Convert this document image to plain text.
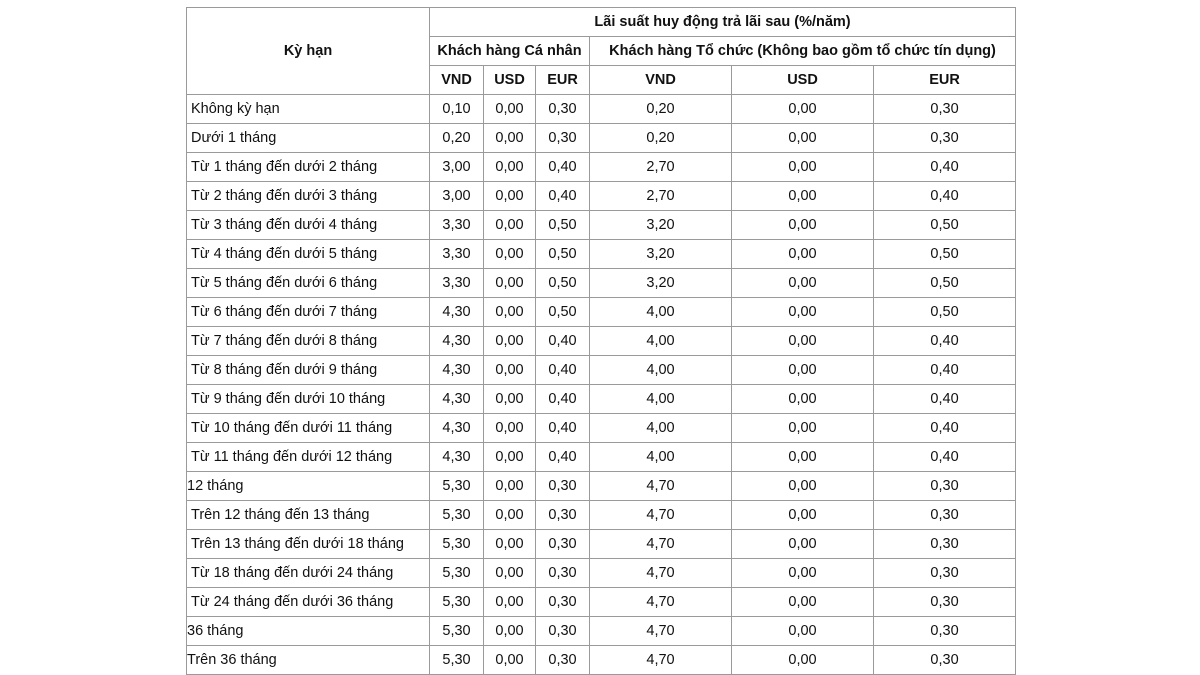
Kỳ hạn	Lãi suất huy động trả lãi sau (%/năm)					
	Khách hàng Cá nhân			Khách hàng Tổ chức (Không bao gồm tổ chức tín dụng)		
	VND	USD	EUR	VND	USD	EUR
Không kỳ hạn	0,10	0,00	0,30	0,20	0,00	0,30
Dưới 1 tháng	0,20	0,00	0,30	0,20	0,00	0,30
Từ 1 tháng đến dưới 2 tháng	3,00	0,00	0,40	2,70	0,00	0,40
Từ 2 tháng đến dưới 3 tháng	3,00	0,00	0,40	2,70	0,00	0,40
Từ 3 tháng đến dưới 4 tháng	3,30	0,00	0,50	3,20	0,00	0,50
Từ 4 tháng đến dưới 5 tháng	3,30	0,00	0,50	3,20	0,00	0,50
Từ 5 tháng đến dưới 6 tháng	3,30	0,00	0,50	3,20	0,00	0,50
Từ 6 tháng đến dưới 7 tháng	4,30	0,00	0,50	4,00	0,00	0,50
Từ 7 tháng đến dưới 8 tháng	4,30	0,00	0,40	4,00	0,00	0,40
Từ 8 tháng đến dưới 9 tháng	4,30	0,00	0,40	4,00	0,00	0,40
Từ 9 tháng đến dưới 10 tháng	4,30	0,00	0,40	4,00	0,00	0,40
Từ 10 tháng đến dưới 11 tháng	4,30	0,00	0,40	4,00	0,00	0,40
Từ 11 tháng đến dưới 12 tháng	4,30	0,00	0,40	4,00	0,00	0,40
12 tháng	5,30	0,00	0,30	4,70	0,00	0,30
Trên 12 tháng đến 13 tháng	5,30	0,00	0,30	4,70	0,00	0,30
Trên 13 tháng đến dưới 18 tháng	5,30	0,00	0,30	4,70	0,00	0,30
Từ 18 tháng đến dưới 24 tháng	5,30	0,00	0,30	4,70	0,00	0,30
Từ 24 tháng đến dưới 36 tháng	5,30	0,00	0,30	4,70	0,00	0,30
36 tháng	5,30	0,00	0,30	4,70	0,00	0,30
Trên 36 tháng	5,30	0,00	0,30	4,70	0,00	0,30
